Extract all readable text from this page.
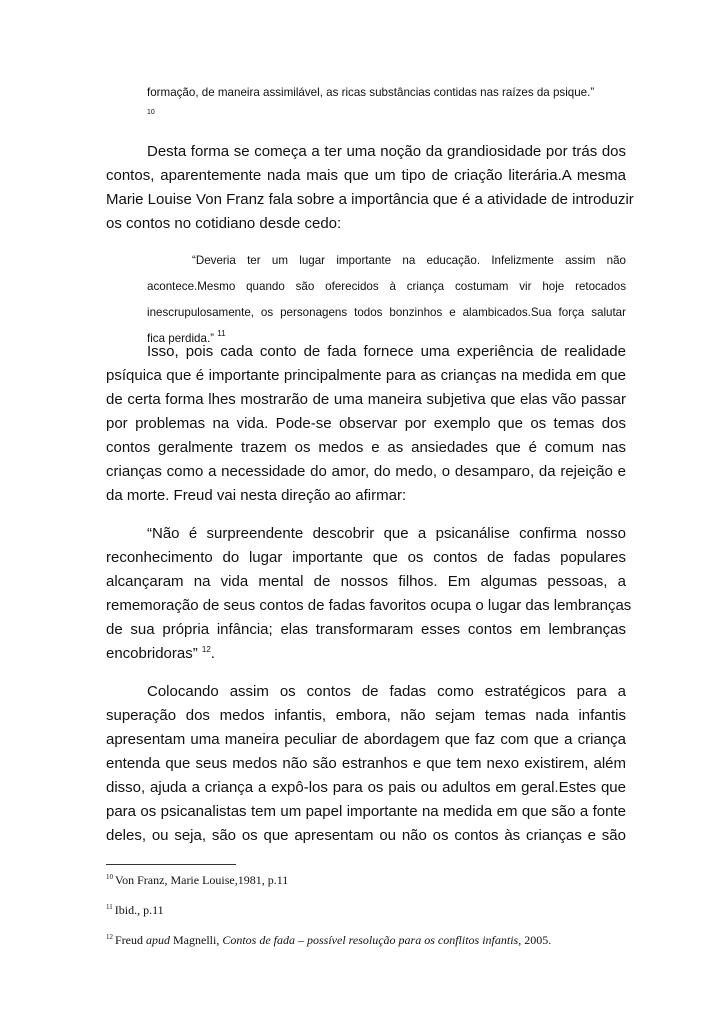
formação, de maneira assimilável, as ricas substâncias contidas nas raízes da psique.”
10
Desta forma se começa a ter uma noção da grandiosidade por trás dos
contos, aparentemente nada mais que um tipo de criação literária.A mesma
Marie Louise Von Franz fala sobre a importância que é a atividade de introduzir
os contos no cotidiano desde cedo:
“Deveria ter um lugar importante na educação. Infelizmente assim não
acontece.Mesmo quando são oferecidos à criança costumam vir hoje retocados
inescrupulosamente, os personagens todos bonzinhos e alambicados.Sua força salutar
fica perdida.” $^{11}$
Isso, pois cada conto de fada fornece uma experiência de realidade
psíquica que é importante principalmente para as crianças na medida em que
de certa forma lhes mostrarão de uma maneira subjetiva que elas vão passar
por problemas na vida. Pode-se observar por exemplo que os temas dos
contos geralmente trazem os medos e as ansiedades que é comum nas
crianças como a necessidade do amor, do medo, o desamparo, da rejeição e
da morte. Freud vai nesta direção ao afirmar:
“Não é surpreendente descobrir que a psicanálise confirma nosso
reconhecimento do lugar importante que os contos de fadas populares
alcançaram na vida mental de nossos filhos. Em algumas pessoas, a
rememoração de seus contos de fadas favoritos ocupa o lugar das lembranças
de sua própria infância; elas transformaram esses contos em lembranças
encobridoras” $^{12}$.
Colocando assim os contos de fadas como estratégicos para a
superação dos medos infantis, embora, não sejam temas nada infantis
apresentam uma maneira peculiar de abordagem que faz com que a criança
entenda que seus medos não são estranhos e que tem nexo existirem, além
disso, ajuda a criança a expô-los para os pais ou adultos em geral.Estes que
para os psicanalistas tem um papel importante na medida em que são a fonte
deles, ou seja, são os que apresentam ou não os contos às crianças e são
$^{10}$ Von Franz, Marie Louise,1981, p.11
$^{11}$ Ibid., p.11
$^{12}$ Freud apud Magnelli, Contos de fada – possível resolução para os conflitos infantis, 2005.
